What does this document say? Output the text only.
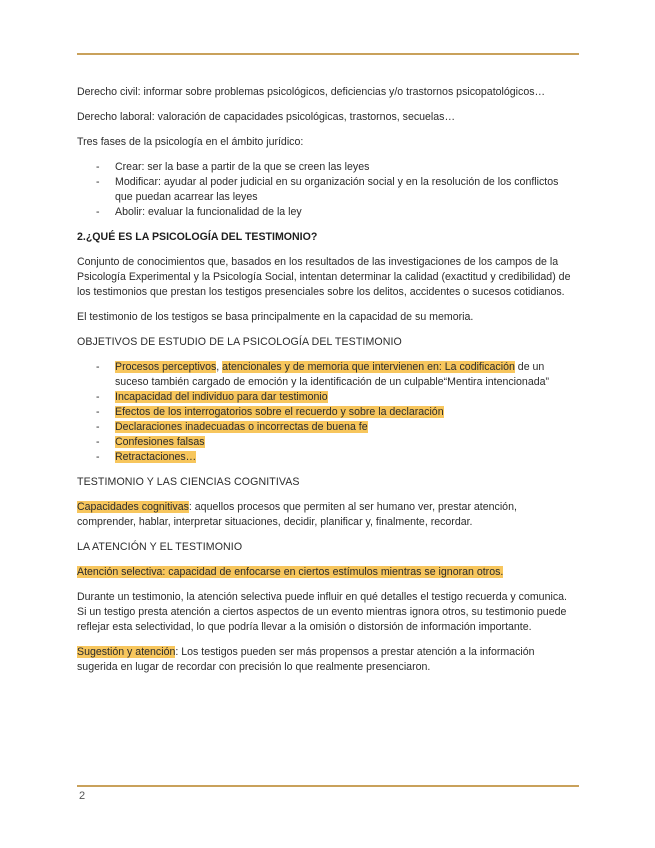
Derecho civil: informar sobre problemas psicológicos, deficiencias y/o trastornos psicopatológicos…

Derecho laboral: valoración de capacidades psicológicas, trastornos, secuelas…

Tres fases de la psicología en el ámbito jurídico:

- Crear: ser la base a partir de la que se creen las leyes
- Modificar: ayudar al poder judicial en su organización social y en la resolución de los conflictos que puedan acarrear las leyes
- Abolir: evaluar la funcionalidad de la ley
2.¿QUÉ ES LA PSICOLOGÍA DEL TESTIMONIO?

Conjunto de conocimientos que, basados en los resultados de las investigaciones de los campos de la Psicología Experimental y la Psicología Social, intentan determinar la calidad (exactitud y credibilidad) de los testimonios que prestan los testigos presenciales sobre los delitos, accidentes o sucesos cotidianos.

El testimonio de los testigos se basa principalmente en la capacidad de su memoria.

OBJETIVOS DE ESTUDIO DE LA PSICOLOGÍA DEL TESTIMONIO

- Procesos perceptivos, atencionales y de memoria que intervienen en: La codificación de un suceso también cargado de emoción y la identificación de un culpable“Mentira intencionada”
- Incapacidad del individuo para dar testimonio
- Efectos de los interrogatorios sobre el recuerdo y sobre la declaración
- Declaraciones inadecuadas o incorrectas de buena fe
- Confesiones falsas
- Retractaciones…

TESTIMONIO Y LAS CIENCIAS COGNITIVAS

Capacidades cognitivas: aquellos procesos que permiten al ser humano ver, prestar atención, comprender, hablar, interpretar situaciones, decidir, planificar y, finalmente, recordar.

LA ATENCIÓN Y EL TESTIMONIO

Atención selectiva: capacidad de enfocarse en ciertos estímulos mientras se ignoran otros.

Durante un testimonio, la atención selectiva puede influir en qué detalles el testigo recuerda y comunica. Si un testigo presta atención a ciertos aspectos de un evento mientras ignora otros, su testimonio puede reflejar esta selectividad, lo que podría llevar a la omisión o distorsión de información importante.

Sugestión y atención: Los testigos pueden ser más propensos a prestar atención a la información sugerida en lugar de recordar con precisión lo que realmente presenciaron.

2
